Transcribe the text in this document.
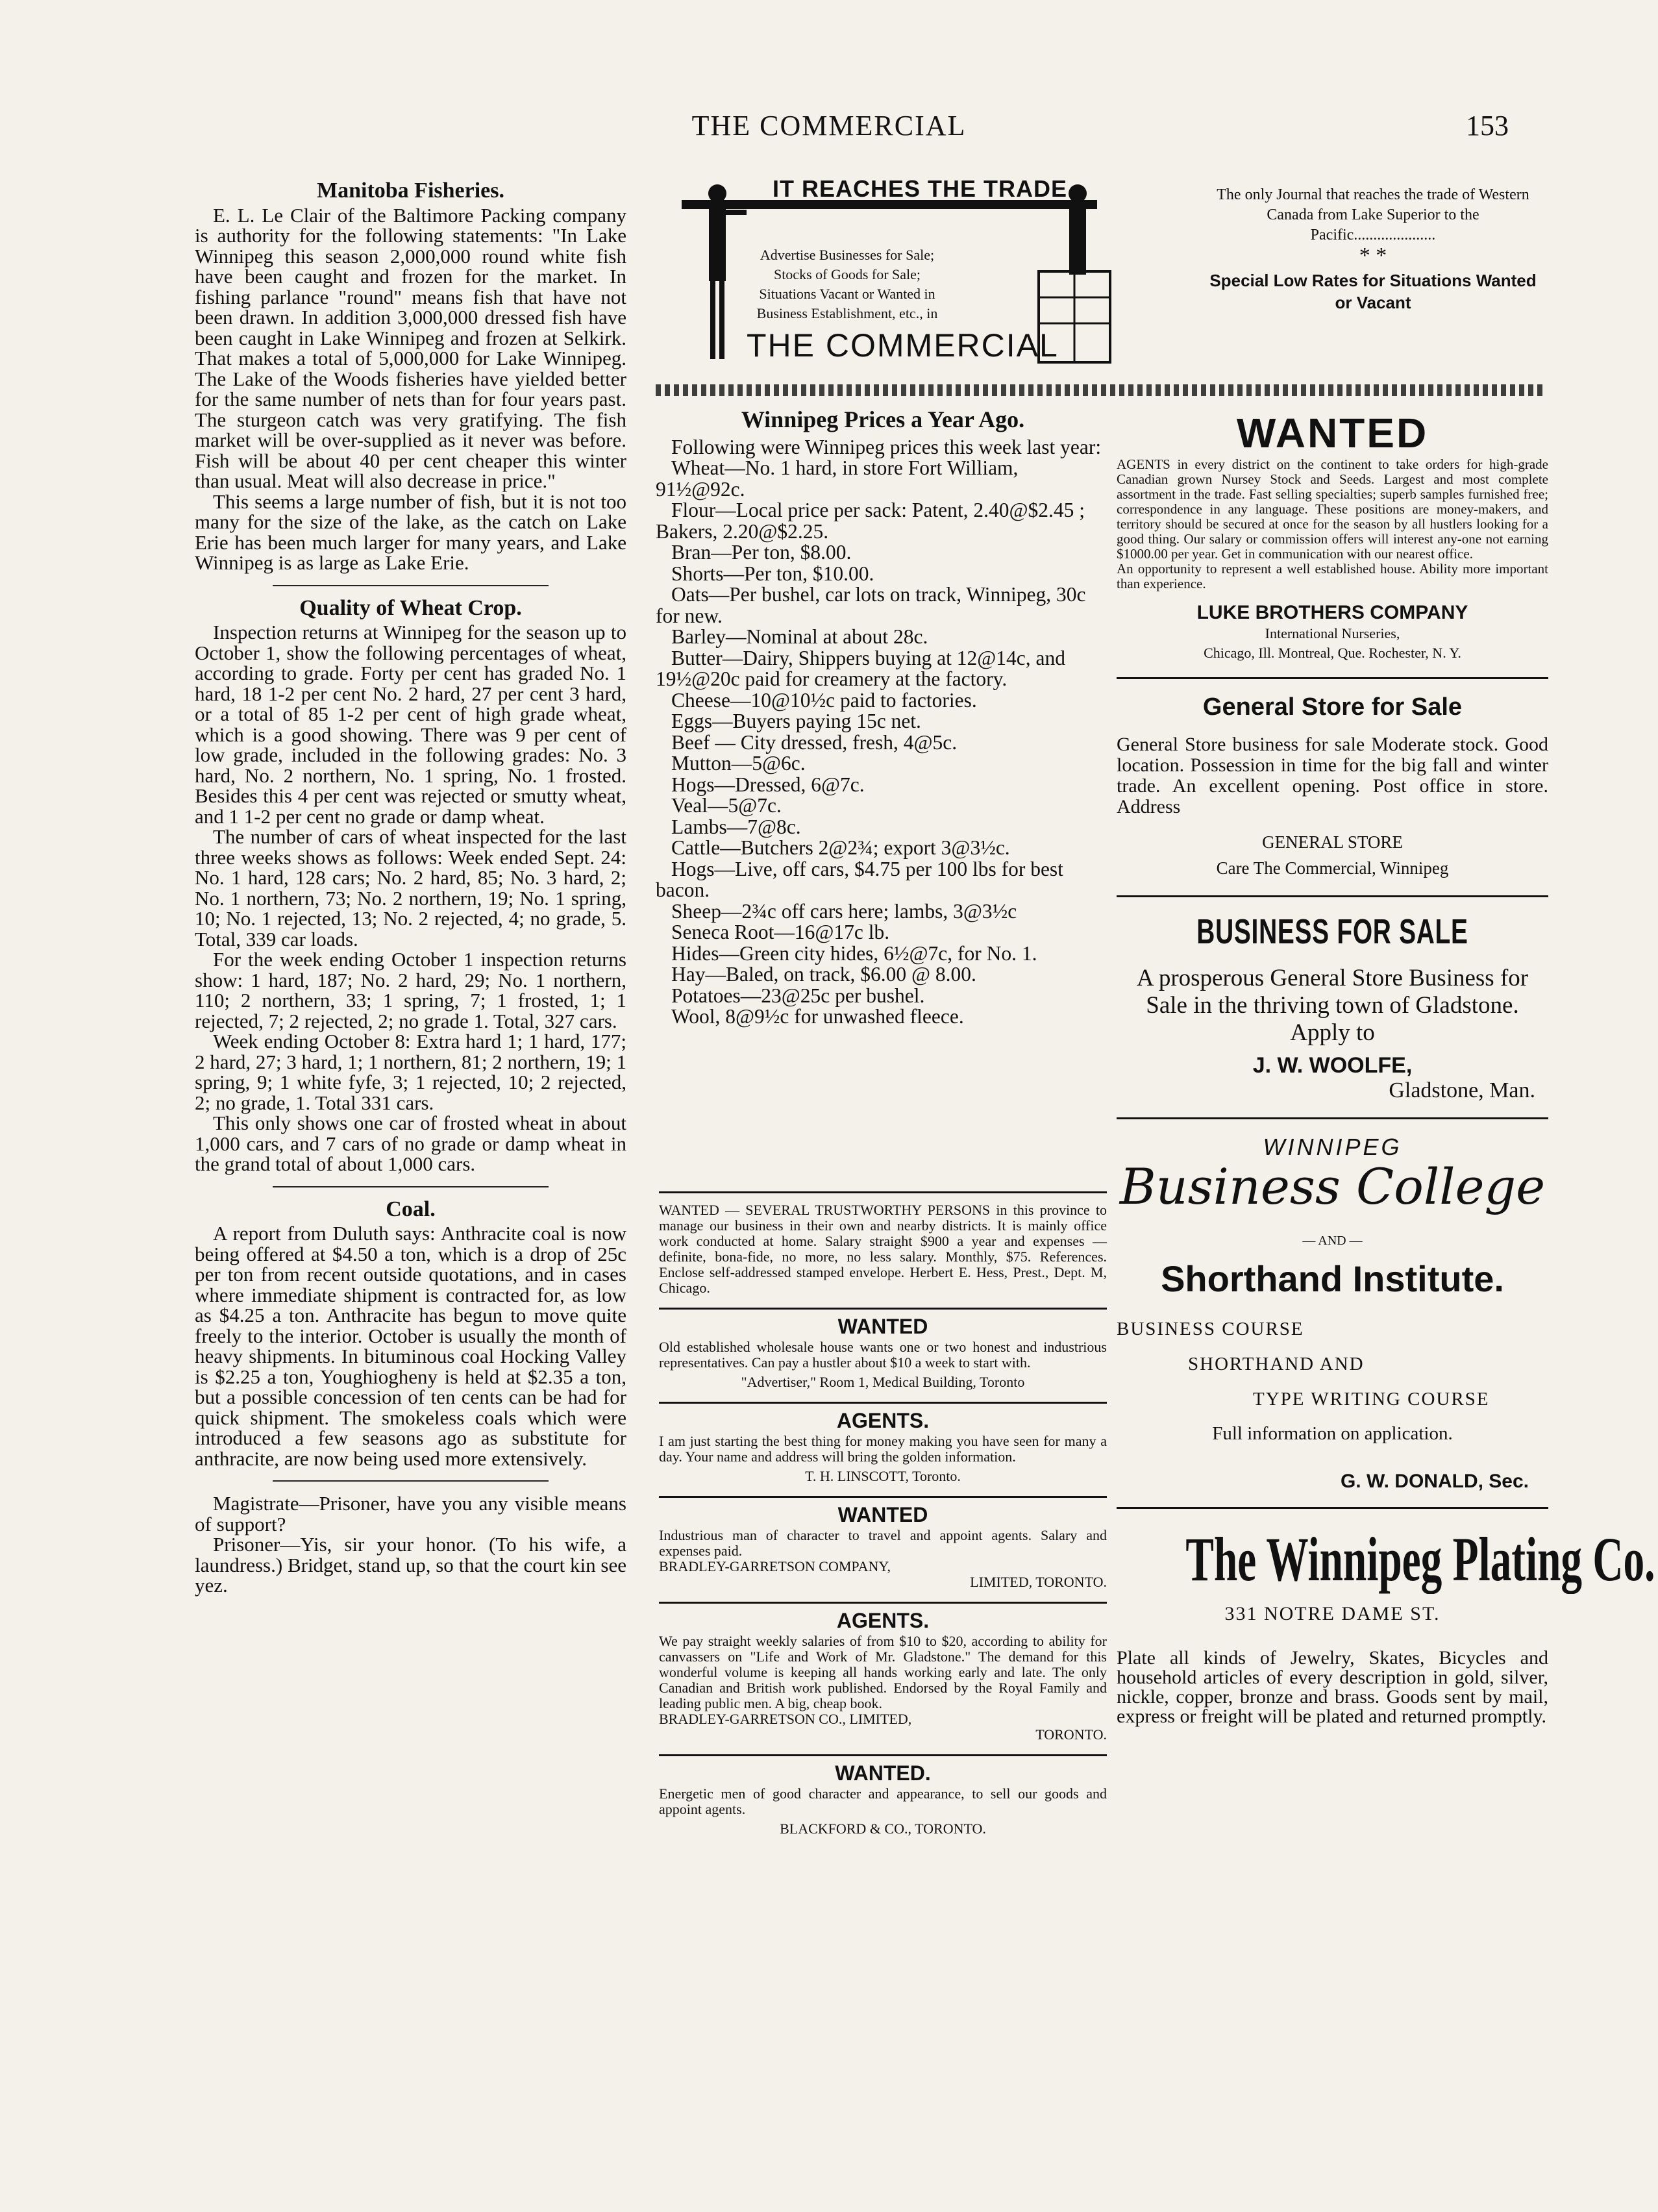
THE COMMERCIAL	153
Manitoba Fisheries.

E. L. Le Clair of the Baltimore Packing company is authority for the following statements: "In Lake Winnipeg this season 2,000,000 round white fish have been caught and frozen for the market. In fishing parlance "round" means fish that have not been drawn. In addition 3,000,000 dressed fish have been caught in Lake Winnipeg and frozen at Selkirk. That makes a total of 5,000,000 for Lake Winnipeg. The Lake of the Woods fisheries have yielded better for the same number of nets than for four years past. The sturgeon catch was very gratifying. The fish market will be over-supplied as it never was before. Fish will be about 40 per cent cheaper this winter than usual. Meat will also decrease in price."

This seems a large number of fish, but it is not too many for the size of the lake, as the catch on Lake Erie has been much larger for many years, and Lake Winnipeg is as large as Lake Erie.

Quality of Wheat Crop.

Inspection returns at Winnipeg for the season up to October 1, show the following percentages of wheat, according to grade. Forty per cent has graded No. 1 hard, 18 1-2 per cent No. 2 hard, 27 per cent 3 hard, or a total of 85 1-2 per cent of high grade wheat, which is a good showing. There was 9 per cent of low grade, included in the following grades: No. 3 hard, No. 2 northern, No. 1 spring, No. 1 frosted. Besides this 4 per cent was rejected or smutty wheat, and 1 1-2 per cent no grade or damp wheat.

The number of cars of wheat inspected for the last three weeks shows as follows: Week ended Sept. 24: No. 1 hard, 128 cars; No. 2 hard, 85; No. 3 hard, 2; No. 1 northern, 73; No. 2 northern, 19; No. 1 spring, 10; No. 1 rejected, 13; No. 2 rejected, 4; no grade, 5. Total, 339 car loads.

For the week ending October 1 inspection returns show: 1 hard, 187; No. 2 hard, 29; No. 1 northern, 110; 2 northern, 33; 1 spring, 7; 1 frosted, 1; 1 rejected, 7; 2 rejected, 2; no grade 1. Total, 327 cars.

Week ending October 8: Extra hard 1; 1 hard, 177; 2 hard, 27; 3 hard, 1; 1 northern, 81; 2 northern, 19; 1 spring, 9; 1 white fyfe, 3; 1 rejected, 10; 2 rejected, 2; no grade, 1. Total 331 cars.

This only shows one car of frosted wheat in about 1,000 cars, and 7 cars of no grade or damp wheat in the grand total of about 1,000 cars.

Coal.

A report from Duluth says: Anthracite coal is now being offered at $4.50 a ton, which is a drop of 25c per ton from recent outside quotations, and in cases where immediate shipment is contracted for, as low as $4.25 a ton. Anthracite has begun to move quite freely to the interior. October is usually the month of heavy shipments. In bituminous coal Hocking Valley is $2.25 a ton, Youghiogheny is held at $2.35 a ton, but a possible concession of ten cents can be had for quick shipment. The smokeless coals which were introduced a few seasons ago as substitute for anthracite, are now being used more extensively.

Magistrate—Prisoner, have you any visible means of support?

Prisoner—Yis, sir your honor. (To his wife, a laundress.) Bridget, stand up, so that the court kin see yez.

IT REACHES THE TRADE
Advertise Businesses for Sale; Stocks of Goods for Sale; Situations Vacant or Wanted in Business Establishment, etc., in
THE COMMERCIAL
The only Journal that reaches the trade of Western Canada from Lake Superior to the Pacific.....................
* *
Special Low Rates for Situations Wanted or Vacant
Winnipeg Prices a Year Ago.

Following were Winnipeg prices this week last year:

Wheat—No. 1 hard, in store Fort William, 91½@92c.

Flour—Local price per sack: Patent, 2.40@$2.45 ; Bakers, 2.20@$2.25.

Bran—Per ton, $8.00.

Shorts—Per ton, $10.00.

Oats—Per bushel, car lots on track, Winnipeg, 30c for new.

Barley—Nominal at about 28c.

Butter—Dairy, Shippers buying at 12@14c, and 19½@20c paid for creamery at the factory.

Cheese—10@10½c paid to factories.

Eggs—Buyers paying 15c net.

Beef — City dressed, fresh, 4@5c.

Mutton—5@6c.

Hogs—Dressed, 6@7c.

Veal—5@7c.

Lambs—7@8c.

Cattle—Butchers 2@2¾; export 3@3½c.

Hogs—Live, off cars, $4.75 per 100 lbs for best bacon.

Sheep—2¾c off cars here; lambs, 3@3½c

Seneca Root—16@17c lb.

Hides—Green city hides, 6½@7c, for No. 1.

Hay—Baled, on track, $6.00 @ 8.00.

Potatoes—23@25c per bushel.

Wool, 8@9½c for unwashed fleece.

WANTED — SEVERAL TRUSTWORTHY PERSONS in this province to manage our business in their own and nearby districts. It is mainly office work conducted at home. Salary straight $900 a year and expenses — definite, bona-fide, no more, no less salary. Monthly, $75. References. Enclose self-addressed stamped envelope. Herbert E. Hess, Prest., Dept. M, Chicago.
WANTED
Old established wholesale house wants one or two honest and industrious representatives. Can pay a hustler about $10 a week to start with.
"Advertiser," Room 1, Medical Building, Toronto
AGENTS.
I am just starting the best thing for money making you have seen for many a day. Your name and address will bring the golden information.
T. H. LINSCOTT, Toronto.
WANTED
Industrious man of character to travel and appoint agents. Salary and expenses paid.
BRADLEY-GARRETSON COMPANY,
LIMITED, TORONTO.
AGENTS.
We pay straight weekly salaries of from $10 to $20, according to ability for canvassers on "Life and Work of Mr. Gladstone." The demand for this wonderful volume is keeping all hands working early and late. The only Canadian and British work published. Endorsed by the Royal Family and leading public men. A big, cheap book.
BRADLEY-GARRETSON CO., LIMITED,
TORONTO.
WANTED.
Energetic men of good character and appearance, to sell our goods and appoint agents.
BLACKFORD & CO., TORONTO.
WANTED
AGENTS in every district on the continent to take orders for high-grade Canadian grown Nursey Stock and Seeds. Largest and most complete assortment in the trade. Fast selling specialties; superb samples furnished free; correspondence in any language. These positions are money-makers, and territory should be secured at once for the season by all hustlers looking for a good thing. Our salary or commission offers will interest any-one not earning $1000.00 per year. Get in communication with our nearest office.
An opportunity to represent a well established house. Ability more important than experience.
LUKE BROTHERS COMPANY
International Nurseries,
Chicago, Ill. Montreal, Que. Rochester, N. Y.
General Store for Sale
General Store business for sale Moderate stock. Good location. Possession in time for the big fall and winter trade. An excellent opening. Post office in store. Address
GENERAL STORE
Care The Commercial, Winnipeg
BUSINESS FOR SALE
A prosperous General Store Business for Sale in the thriving town of Gladstone. Apply to
J. W. WOOLFE,
Gladstone, Man.
WINNIPEG
Business College
— AND —
Shorthand Institute.
BUSINESS COURSE
SHORTHAND AND
TYPE WRITING COURSE
Full information on application.
G. W. DONALD, Sec.
The Winnipeg Plating Co.
331 NOTRE DAME ST.
Plate all kinds of Jewelry, Skates, Bicycles and household articles of every description in gold, silver, nickle, copper, bronze and brass. Goods sent by mail, express or freight will be plated and returned promptly.
